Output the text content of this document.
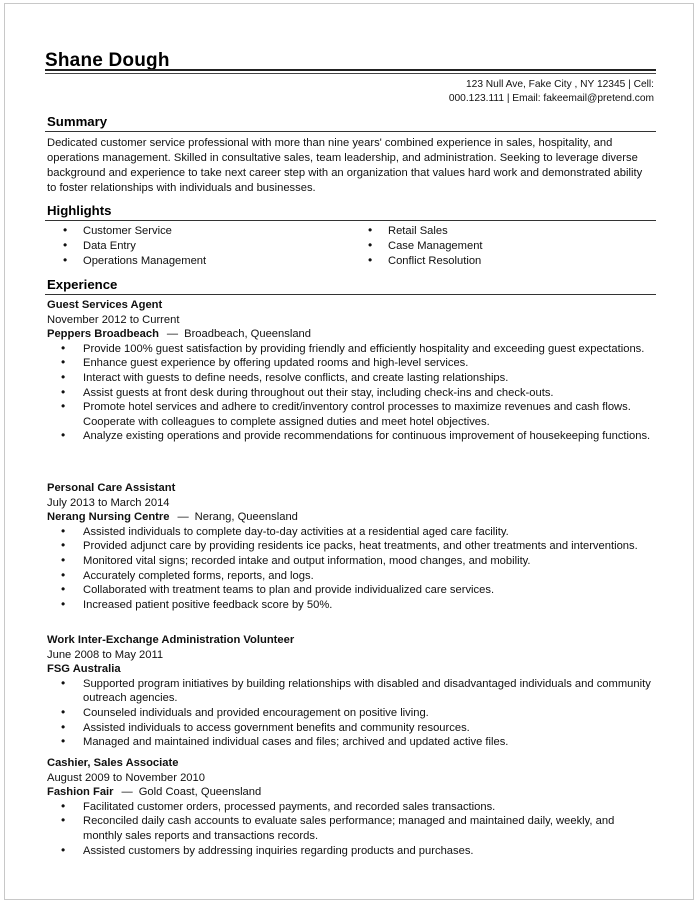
Shane Dough
123 Null Ave, Fake City , NY 12345 | Cell:
000.123.111 | Email: fakeemail@pretend.com
Summary
Dedicated customer service professional with more than nine years' combined experience in sales, hospitality, and operations management. Skilled in consultative sales, team leadership, and administration. Seeking to leverage diverse background and experience to take next career step with an organization that values hard work and demonstrated ability to foster relationships with individuals and businesses.
Highlights
• Customer Service
• Data Entry
• Operations Management
• Retail Sales
• Case Management
• Conflict Resolution
Experience
Guest Services Agent
November 2012 to Current
Peppers Broadbeach — Broadbeach, Queensland
• Provide 100% guest satisfaction by providing friendly and efficiently hospitality and exceeding guest expectations.
• Enhance guest experience by offering updated rooms and high-level services.
• Interact with guests to define needs, resolve conflicts, and create lasting relationships.
• Assist guests at front desk during throughout out their stay, including check-ins and check-outs.
• Promote hotel services and adhere to credit/inventory control processes to maximize revenues and cash flows. Cooperate with colleagues to complete assigned duties and meet hotel objectives.
• Analyze existing operations and provide recommendations for continuous improvement of housekeeping functions.
Personal Care Assistant
July 2013 to March 2014
Nerang Nursing Centre — Nerang, Queensland
• Assisted individuals to complete day-to-day activities at a residential aged care facility.
• Provided adjunct care by providing residents ice packs, heat treatments, and other treatments and interventions.
• Monitored vital signs; recorded intake and output information, mood changes, and mobility.
• Accurately completed forms, reports, and logs.
• Collaborated with treatment teams to plan and provide individualized care services.
• Increased patient positive feedback score by 50%.
Work Inter-Exchange Administration Volunteer
June 2008 to May 2011
FSG Australia
• Supported program initiatives by building relationships with disabled and disadvantaged individuals and community outreach agencies.
• Counseled individuals and provided encouragement on positive living.
• Assisted individuals to access government benefits and community resources.
• Managed and maintained individual cases and files; archived and updated active files.
Cashier, Sales Associate
August 2009 to November 2010
Fashion Fair — Gold Coast, Queensland
• Facilitated customer orders, processed payments, and recorded sales transactions.
• Reconciled daily cash accounts to evaluate sales performance; managed and maintained daily, weekly, and monthly sales reports and transactions records.
• Assisted customers by addressing inquiries regarding products and purchases.
